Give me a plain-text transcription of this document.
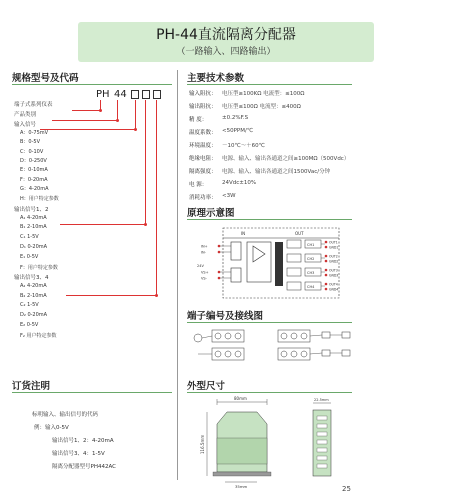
PH-44直流隔离分配器
（一路输入、四路输出）
规格型号及代码
PH 44
端子式系列仪表
产品类别
输入信号
A：0-75mV
B：0-5V
C：0-10V
D：0-250V
E：0-10mA
F：0-20mA
G：4-20mA
H：用户特定参数
输出信号1、2
A₁ 4-20mA
B₁ 2-10mA
C₁ 1-5V
D₁ 0-20mA
E₁ 0-5V
F：用户特定参数
输出信号3、4
A₂ 4-20mA
B₂ 2-10mA
C₂ 1-5V
D₂ 0-20mA
E₂ 0-5V
F₂ 用户特定参数
订货注明
标明输入、输出信号的代码
例：输入0-5V
输出信号1、2：4-20mA
输出信号3、4：1-5V
隔离分配器型号PH442AC
主要技术参数
输入阻抗： 电压型≥100KΩ 电流型：≤100Ω
输出阻抗： 电压型≤100Ω 电流型：≤400Ω
精 度：	±0.2%F.S
温度系数： <50PPM/℃
环境温度： －10℃～＋60℃
绝缘电阻： 电源、输入、输出各通道之间≥100MΩ（500Vdc）
隔离强度： 电源、输入、输出各通道之间1500Vac/分钟
电 源：	24Vdc±10%
消耗功率： <3W
原理示意图
IN	OUT
CH1
CH2
CH3
CH4
OUT1
GND1
OUT2
GND2
OUT3
GND3
OUT4
GND4
IN+
IN-
VS+
VS-
24V
端子编号及接线图
外型尺寸
80mm
116.5mm
35mm
22.5mm
25
